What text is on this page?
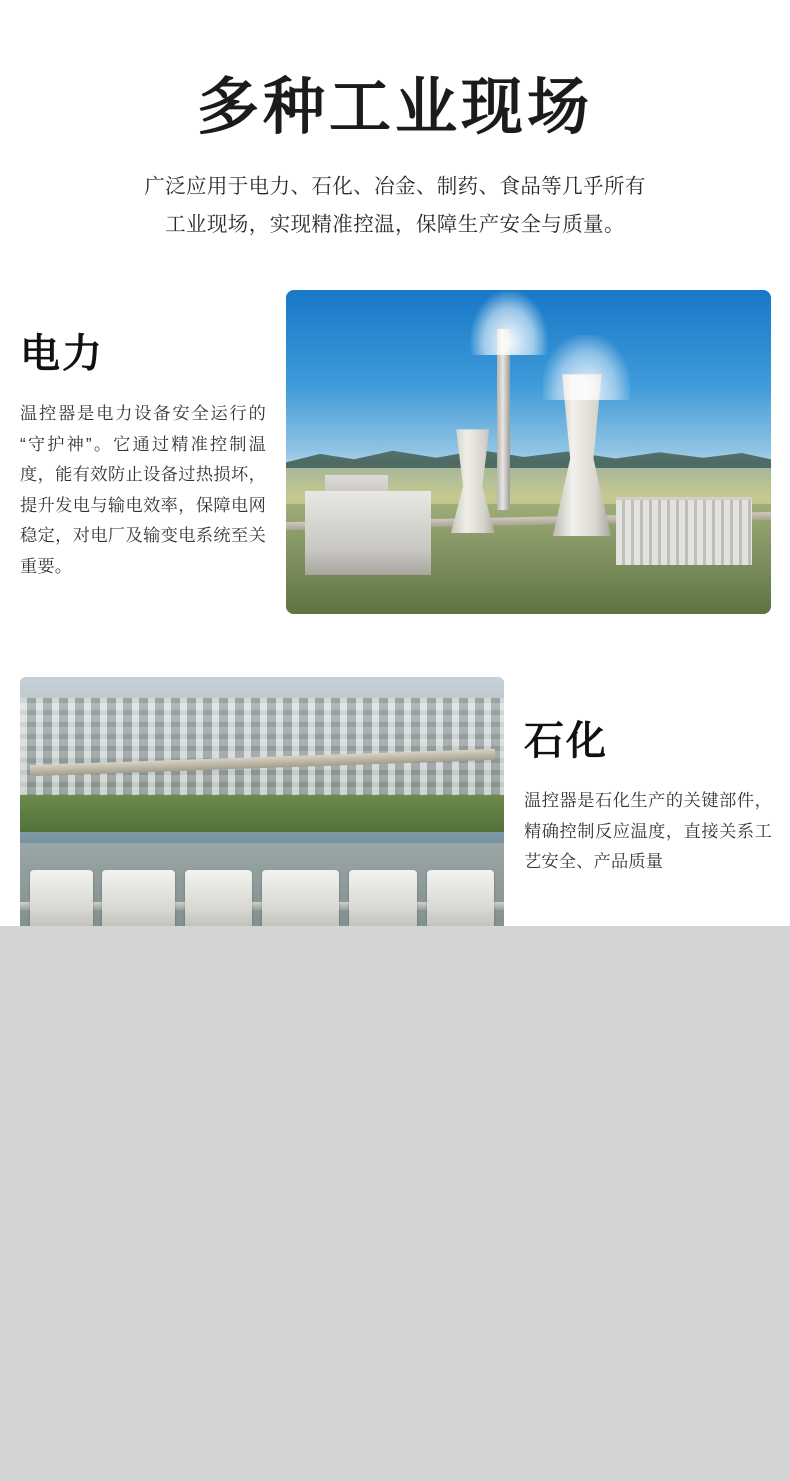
多种工业现场
广泛应用于电力、石化、冶金、制药、食品等几乎所有
工业现场，实现精准控温，保障生产安全与质量。
电力

温控器是电力设备安全运行的“守护神”。它通过精准控制温度，能有效防止设备过热损坏，提升发电与输电效率，保障电网稳定，对电厂及输变电系统至关重要。

石化

温控器是石化生产的关键部件，精确控制反应温度，直接关系工艺安全、产品质量
